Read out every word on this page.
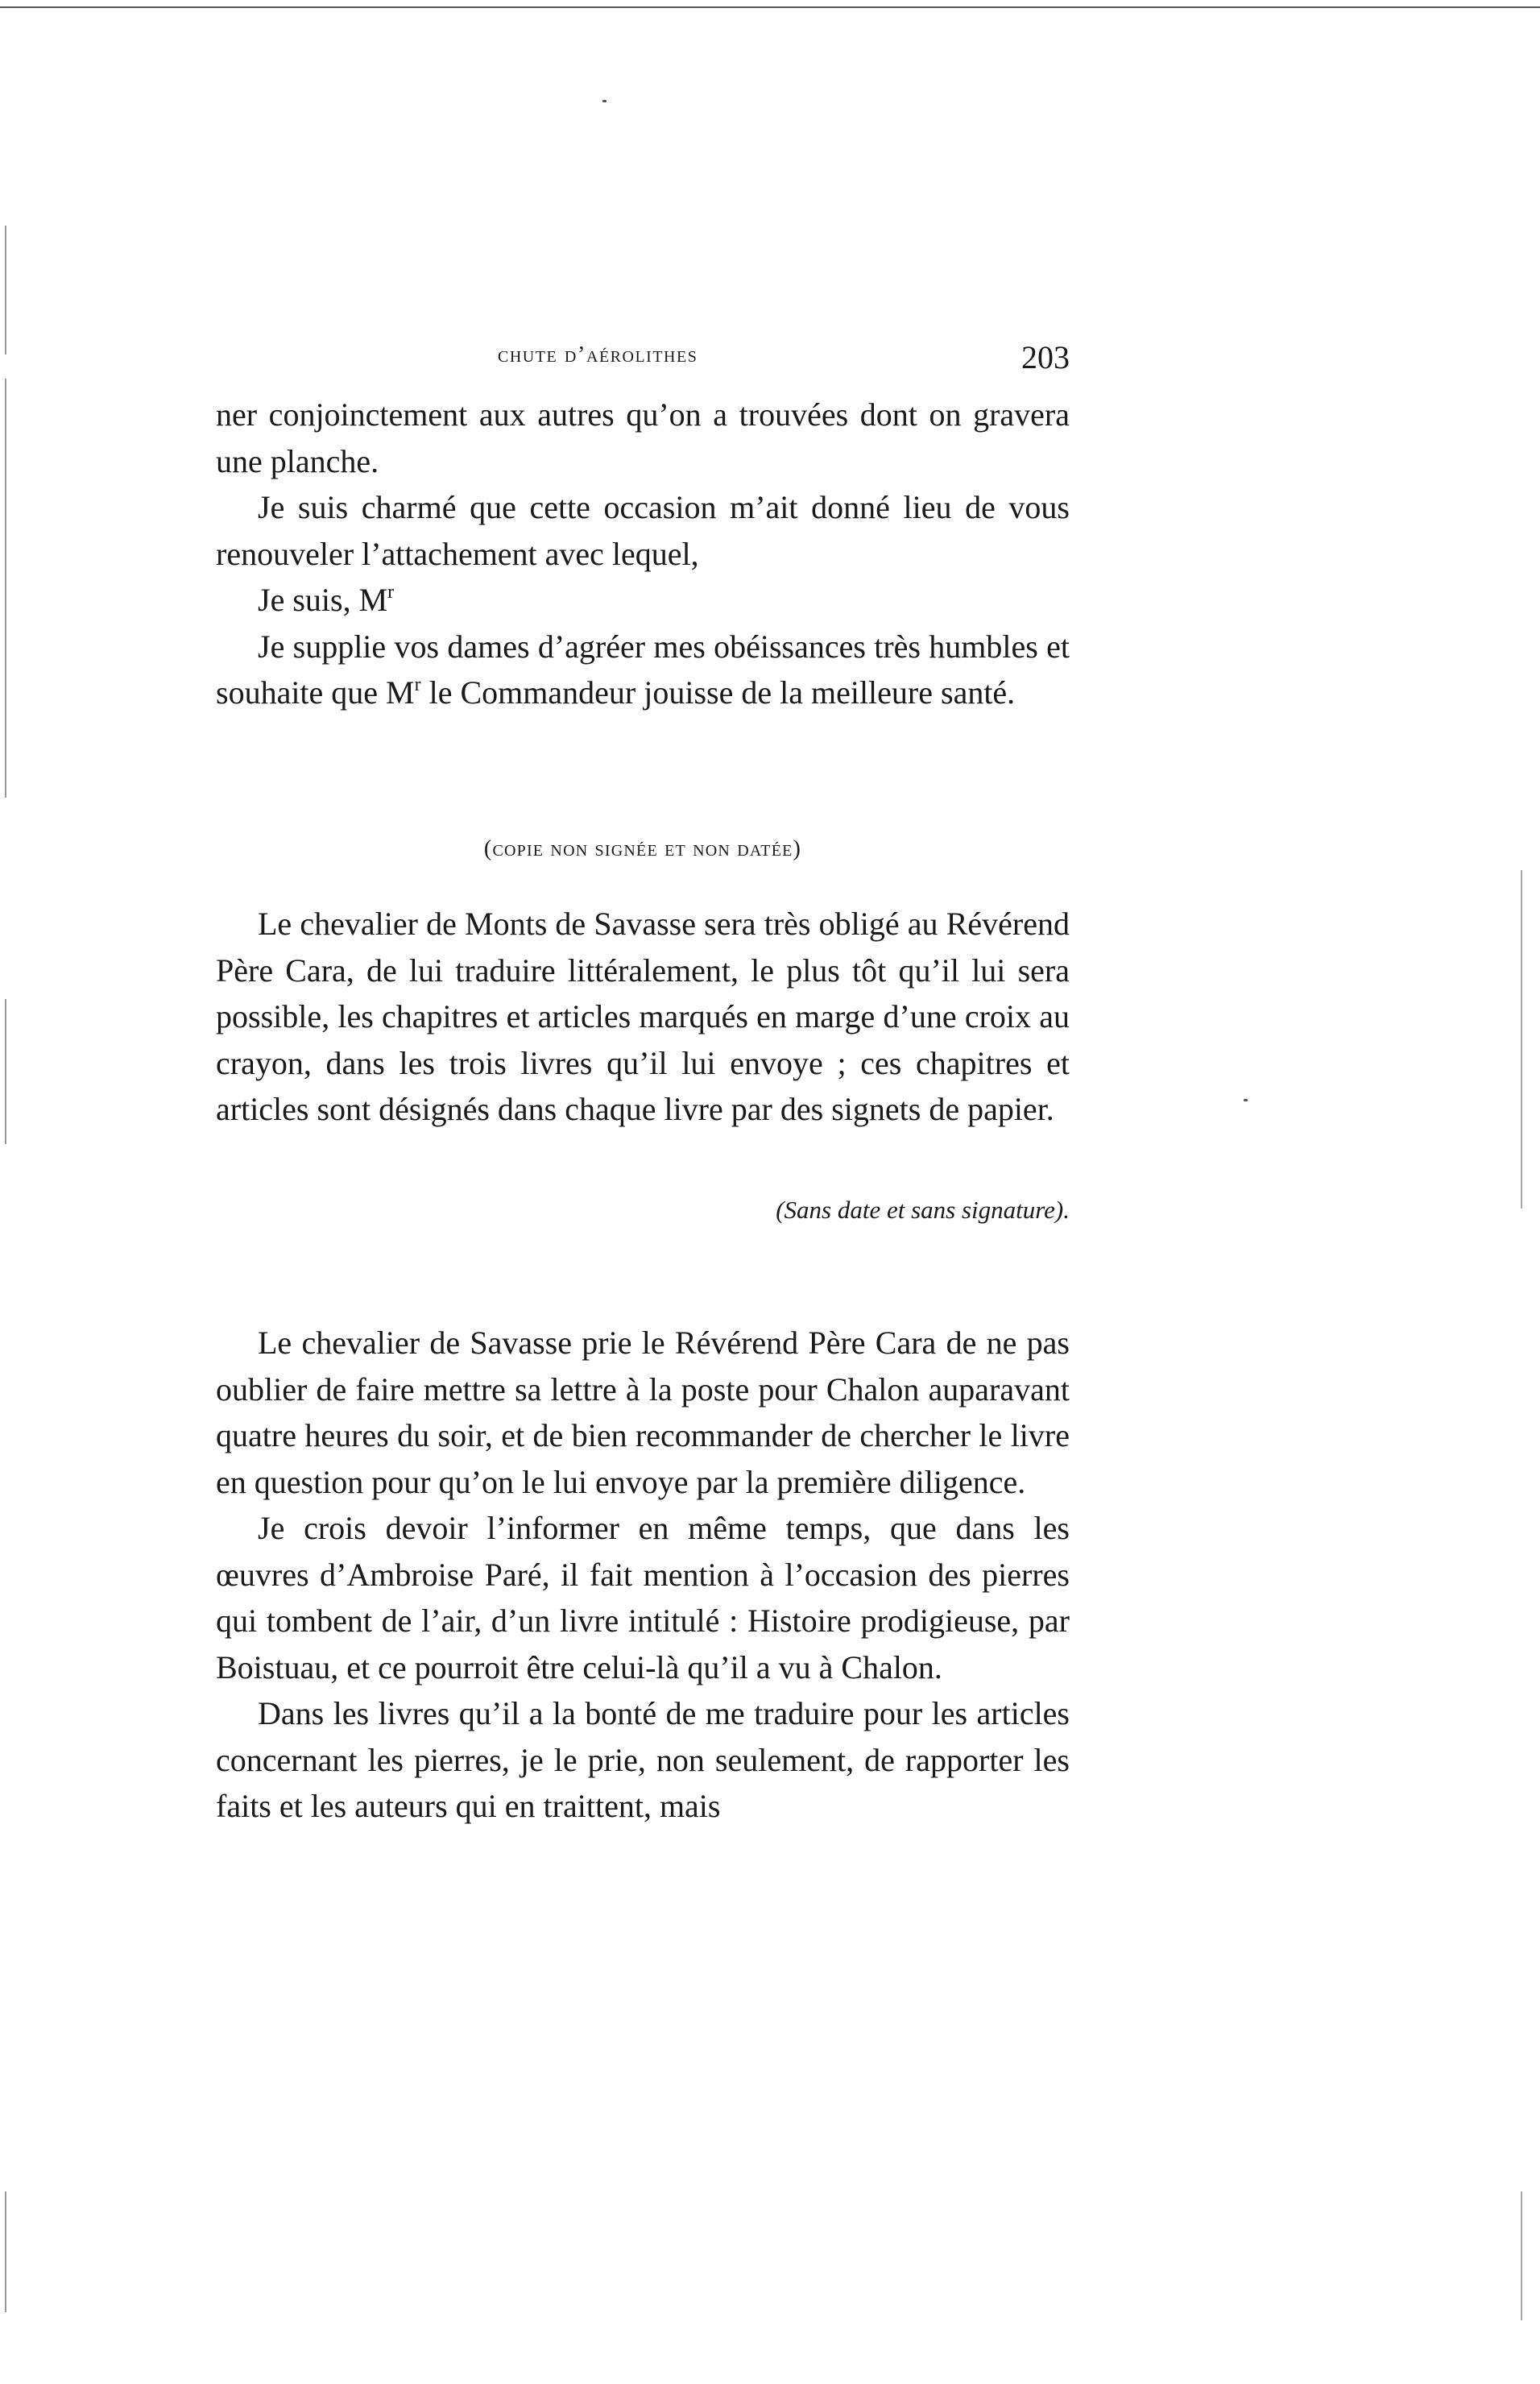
chute d’aérolithes	203

ner conjoinctement aux autres qu’on a trouvées dont on gravera une planche.

Je suis charmé que cette occasion m’ait donné lieu de vous renouveler l’attachement avec lequel,

Je suis, $M^r$

Je supplie vos dames d’agréer mes obéissances très humbles et souhaite que $M^r$ le Commandeur jouisse de la meilleure santé.

(copie non signée et non datée)

Le chevalier de Monts de Savasse sera très obligé au Révérend Père Cara, de lui traduire littéralement, le plus tôt qu’il lui sera possible, les chapitres et articles marqués en marge d’une croix au crayon, dans les trois livres qu’il lui envoye ; ces chapitres et articles sont désignés dans chaque livre par des signets de papier.

(Sans date et sans signature).

Le chevalier de Savasse prie le Révérend Père Cara de ne pas oublier de faire mettre sa lettre à la poste pour Chalon auparavant quatre heures du soir, et de bien recommander de chercher le livre en question pour qu’on le lui envoye par la première diligence.

Je crois devoir l’informer en même temps, que dans les œuvres d’Ambroise Paré, il fait mention à l’occasion des pierres qui tombent de l’air, d’un livre intitulé : Histoire prodigieuse, par Boistuau, et ce pourroit être celui-là qu’il a vu à Chalon.

Dans les livres qu’il a la bonté de me traduire pour les articles concernant les pierres, je le prie, non seulement, de rapporter les faits et les auteurs qui en traittent, mais
